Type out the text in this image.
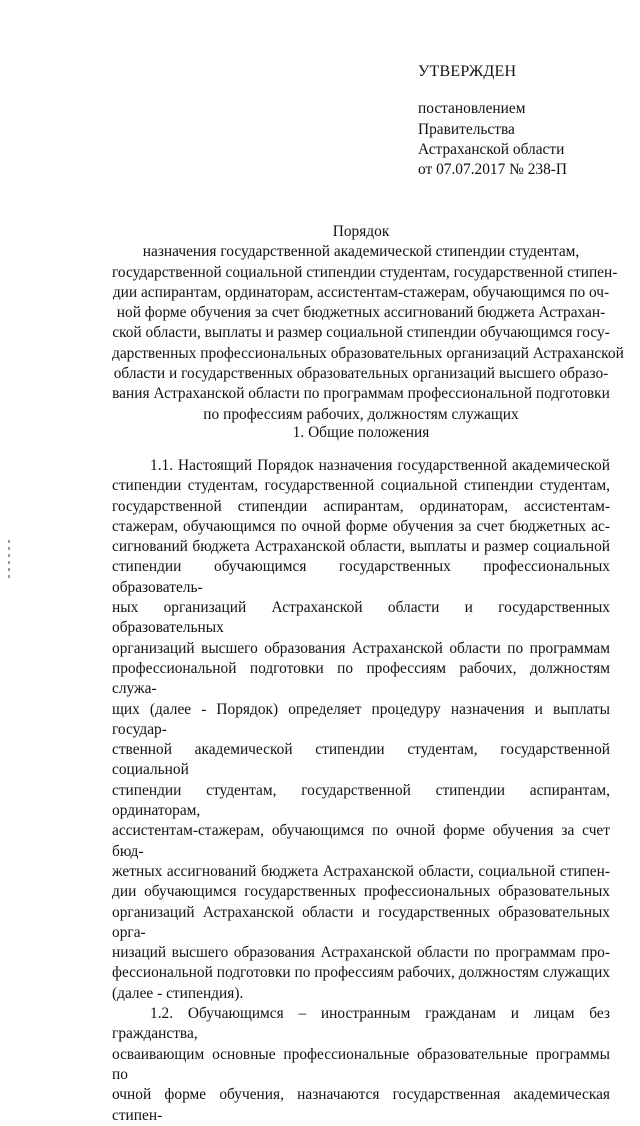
УТВЕРЖДЕН
постановлением
Правительства
Астраханской области
от 07.07.2017 № 238-П
Порядок
назначения государственной академической стипендии студентам,
государственной социальной стипендии студентам, государственной стипен-
дии аспирантам, ординаторам, ассистентам-стажерам, обучающимся по оч-
ной форме обучения за счет бюджетных ассигнований бюджета Астрахан-
ской области, выплаты и размер социальной стипендии обучающимся госу-
дарственных профессиональных образовательных организаций Астраханской
области и государственных образовательных организаций высшего образо-
вания Астраханской области по программам профессиональной подготовки
по профессиям рабочих, должностям служащих
1. Общие положения

1.1. Настоящий Порядок назначения государственной академической

стипендии студентам, государственной социальной стипендии студентам,

государственной стипендии аспирантам, ординаторам, ассистентам-

стажерам, обучающимся по очной форме обучения за счет бюджетных ас-

сигнований бюджета Астраханской области, выплаты и размер социальной

стипендии обучающимся государственных профессиональных образователь-

ных организаций Астраханской области и государственных образовательных

организаций высшего образования Астраханской области по программам

профессиональной подготовки по профессиям рабочих, должностям служа-

щих (далее - Порядок) определяет процедуру назначения и выплаты государ-

ственной академической стипендии студентам, государственной социальной

стипендии студентам, государственной стипендии аспирантам, ординаторам,

ассистентам-стажерам, обучающимся по очной форме обучения за счет бюд-

жетных ассигнований бюджета Астраханской области, социальной стипен-

дии обучающимся государственных профессиональных образовательных

организаций Астраханской области и государственных образовательных орга-

низаций высшего образования Астраханской области по программам про-

фессиональной подготовки по профессиям рабочих, должностям служащих

(далее - стипендия).

1.2. Обучающимся – иностранным гражданам и лицам без гражданства,

осваивающим основные профессиональные образовательные программы по

очной форме обучения, назначаются государственная академическая стипен-
